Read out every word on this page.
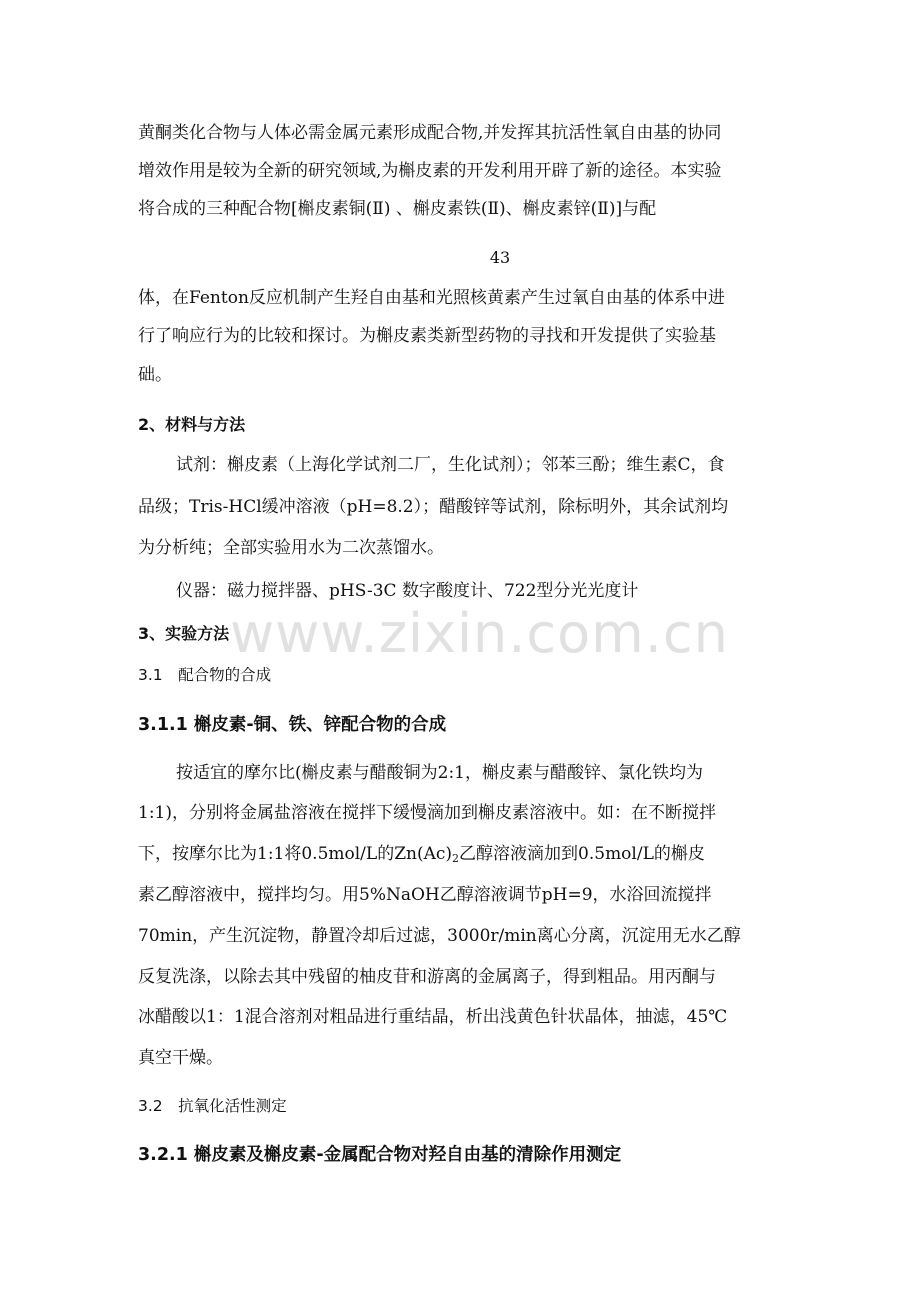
黄酮类化合物与人体必需金属元素形成配合物,并发挥其抗活性氧自由基的协同
增效作用是较为全新的研究领域,为槲皮素的开发利用开辟了新的途径。本实验
将合成的三种配合物[槲皮素铜(Ⅱ) 、槲皮素铁(Ⅱ)、槲皮素锌(Ⅱ)]与配
43
体，在Fenton反应机制产生羟自由基和光照核黄素产生过氧自由基的体系中进
行了响应行为的比较和探讨。为槲皮素类新型药物的寻找和开发提供了实验基
础。
2、材料与方法
试剂：槲皮素（上海化学试剂二厂，生化试剂）；邻苯三酚；维生素C，食
品级；Tris-HCl缓冲溶液（pH=8.2）；醋酸锌等试剂，除标明外，其余试剂均
为分析纯；全部实验用水为二次蒸馏水。
仪器：磁力搅拌器、pHS-3C 数字酸度计、722型分光光度计
3、实验方法
3.1　配合物的合成
3.1.1 槲皮素-铜、铁、锌配合物的合成
按适宜的摩尔比(槲皮素与醋酸铜为2:1，槲皮素与醋酸锌、氯化铁均为
1:1)，分别将金属盐溶液在搅拌下缓慢滴加到槲皮素溶液中。如：在不断搅拌
下，按摩尔比为1:1将0.5mol/L的$Zn(Ac)_2$乙醇溶液滴加到0.5mol/L的槲皮
素乙醇溶液中，搅拌均匀。用5%NaOH乙醇溶液调节pH=9，水浴回流搅拌
70min，产生沉淀物，静置冷却后过滤，3000r/min离心分离，沉淀用无水乙醇
反复洗涤，以除去其中残留的柚皮苷和游离的金属离子，得到粗品。用丙酮与
冰醋酸以1：1混合溶剂对粗品进行重结晶，析出浅黄色针状晶体，抽滤，45℃
真空干燥。
3.2　抗氧化活性测定
3.2.1 槲皮素及槲皮素-金属配合物对羟自由基的清除作用测定
www.zixin.com.cn
